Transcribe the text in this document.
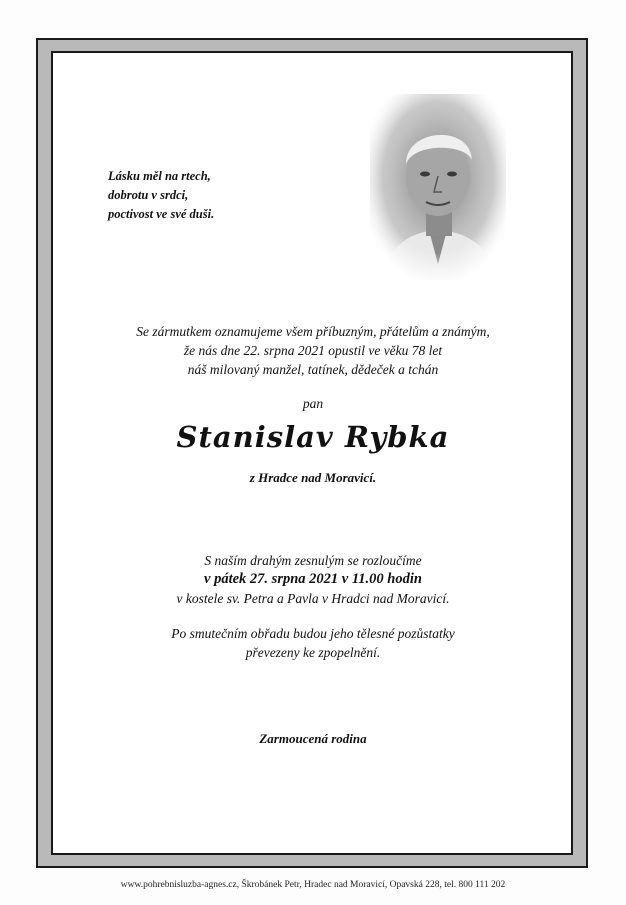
Lásku měl na rtech,
dobrotu v srdci,
poctivost ve své duši.
Se zármutkem oznamujeme všem příbuzným, přátelům a známým,
že nás dne 22. srpna 2021 opustil ve věku 78 let
náš milovaný manžel, tatínek, dědeček a tchán
pan
Stanislav Rybka
z Hradce nad Moravicí.
S naším drahým zesnulým se rozloučíme
v pátek 27. srpna 2021 v 11.00 hodin
v kostele sv. Petra a Pavla v Hradci nad Moravicí.
Po smutečním obřadu budou jeho tělesné pozůstatky
převezeny ke zpopelnění.
Zarmoucená rodina
www.pohrebnisluzba-agnes.cz, Škrobánek Petr, Hradec nad Moravicí, Opavská 228, tel. 800 111 202
